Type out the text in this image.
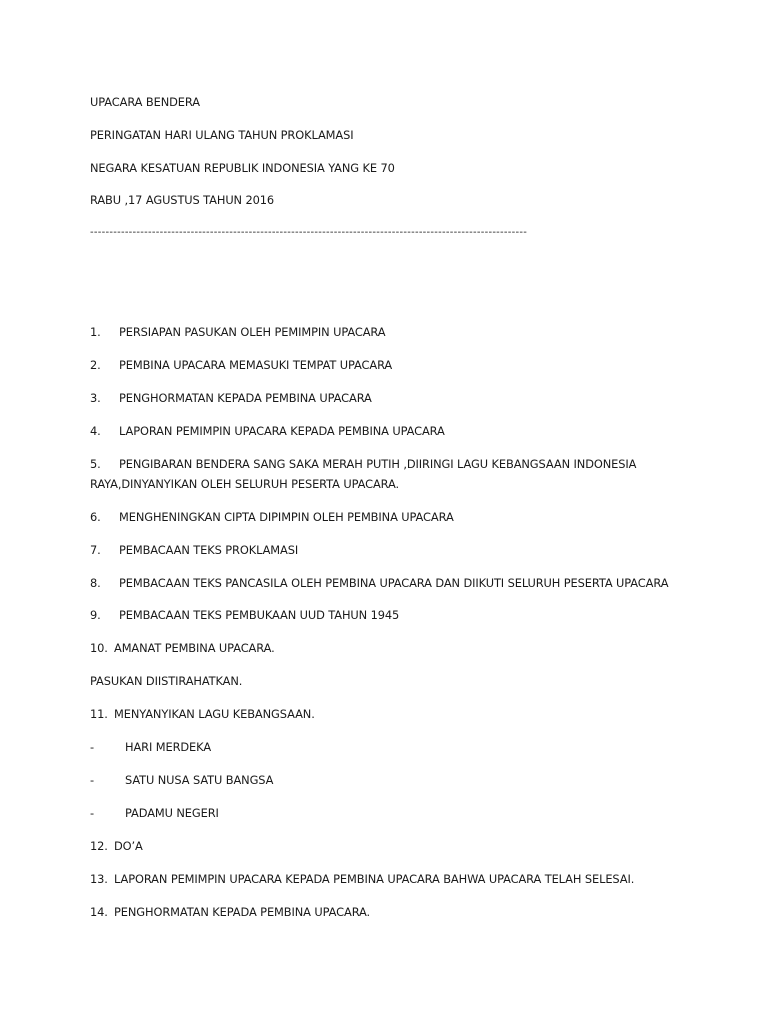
UPACARA BENDERA
PERINGATAN HARI ULANG TAHUN PROKLAMASI
NEGARA KESATUAN REPUBLIK INDONESIA YANG KE 70
RABU ,17 AGUSTUS TAHUN 2016
-----------------------------------------------------------------------------------------------------------------
1. PERSIAPAN PASUKAN OLEH PEMIMPIN UPACARA
2. PEMBINA UPACARA MEMASUKI TEMPAT UPACARA
3. PENGHORMATAN KEPADA PEMBINA UPACARA
4. LAPORAN PEMIMPIN UPACARA KEPADA PEMBINA UPACARA
5. PENGIBARAN BENDERA SANG SAKA MERAH PUTIH ,DIIRINGI LAGU KEBANGSAAN INDONESIA
RAYA,DINYANYIKAN OLEH SELURUH PESERTA UPACARA.
6. MENGHENINGKAN CIPTA DIPIMPIN OLEH PEMBINA UPACARA
7. PEMBACAAN TEKS PROKLAMASI
8. PEMBACAAN TEKS PANCASILA OLEH PEMBINA UPACARA DAN DIIKUTI SELURUH PESERTA UPACARA
9. PEMBACAAN TEKS PEMBUKAAN UUD TAHUN 1945
10. AMANAT PEMBINA UPACARA.
PASUKAN DIISTIRAHATKAN.
11. MENYANYIKAN LAGU KEBANGSAAN.
-	HARI MERDEKA
-	SATU NUSA SATU BANGSA
-	PADAMU NEGERI
12. DO’A
13. LAPORAN PEMIMPIN UPACARA KEPADA PEMBINA UPACARA BAHWA UPACARA TELAH SELESAI.
14. PENGHORMATAN KEPADA PEMBINA UPACARA.
